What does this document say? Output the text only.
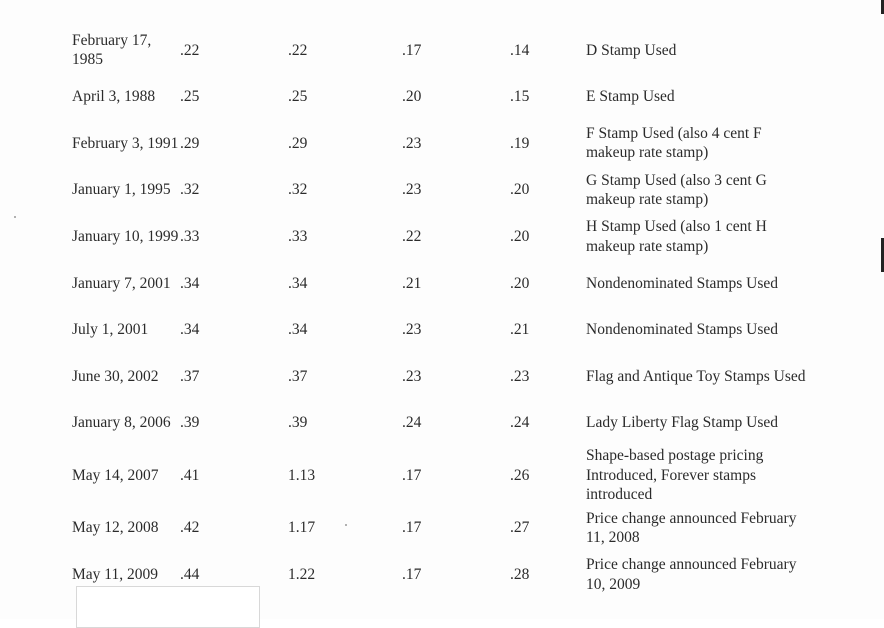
February 17, 1985	.22	.22	.17	.14	D Stamp Used
April 3, 1988	.25	.25	.20	.15	E Stamp Used
February 3, 1991	.29	.29	.23	.19	F Stamp Used (also 4 cent F makeup rate stamp)
January 1, 1995	.32	.32	.23	.20	G Stamp Used (also 3 cent G makeup rate stamp)
January 10, 1999	.33	.33	.22	.20	H Stamp Used (also 1 cent H makeup rate stamp)
January 7, 2001	.34	.34	.21	.20	Nondenominated Stamps Used
July 1, 2001	.34	.34	.23	.21	Nondenominated Stamps Used
June 30, 2002	.37	.37	.23	.23	Flag and Antique Toy Stamps Used
January 8, 2006	.39	.39	.24	.24	Lady Liberty Flag Stamp Used
May 14, 2007	.41	1.13	.17	.26	Shape-based postage pricing Introduced, Forever stamps introduced
May 12, 2008	.42	1.17	.17	.27	Price change announced February 11, 2008
May 11, 2009	.44	1.22	.17	.28	Price change announced February 10, 2009
